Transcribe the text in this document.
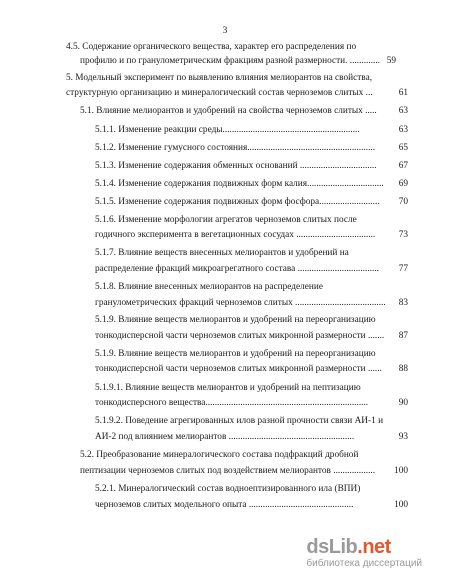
3
4.5. Содержание органического вещества, характер его распределения по
профилю и по гранулометрическим фракциям разной размерности. ............. 59
5. Модельный эксперимент по выявлению влияния мелиорантов на свойства,
структурную организацию и минералогический состав черноземов слитых ...	61
5.1. Влияние мелиорантов и удобрений на свойства черноземов слитых ..... 63
5.1.1. Изменение реакции среды...........................................................	63
5.1.2. Изменение гумусного состояния.......................................................	65
5.1.3. Изменение содержания обменных оснований ................................. 67
5.1.4. Изменение содержания подвижных форм калия................................. 69
5.1.5. Изменение содержания подвижных форм фосфора.......................... 70
5.1.6. Изменение морфологии агрегатов черноземов слитых после
годичного эксперимента в вегетационных сосудах ..................................	73
5.1.7. Влияние веществ внесенных мелиорантов и удобрений на
распределение фракций микроагрегатного состава ................................... 77
5.1.8. Влияние внесенных мелиорантов на распределение
гранулометрических фракций черноземов слитых ....................................... 83
5.1.9. Влияние веществ мелиорантов и удобрений на переорганизацию
тонкодисперсной части черноземов слитых микронной размерности ....... 87
5.1.9. Влияние веществ мелиорантов и удобрений на переорганизацию
тонкодисперсной части черноземов слитых микронной размерности ...... 88
5.1.9.1. Влияние веществ мелиорантов и удобрений на пептизацию
тонкодисперсного вещества......................................................................	90
5.1.9.2. Поведение агрегированных илов разной прочности связи АИ-1 и
АИ-2 под влиянием мелиорантов ......................................................	93
5.2. Преобразование минералогического состава подфракций дробной
пептизации черноземов слитых под воздействием мелиорантов .................. 100
5.2.1. Минералогический состав водноептизированного ила (ВПИ)
черноземов слитых модельного опыта .............................................	100
dsLib.net
библиотека диссертаций
